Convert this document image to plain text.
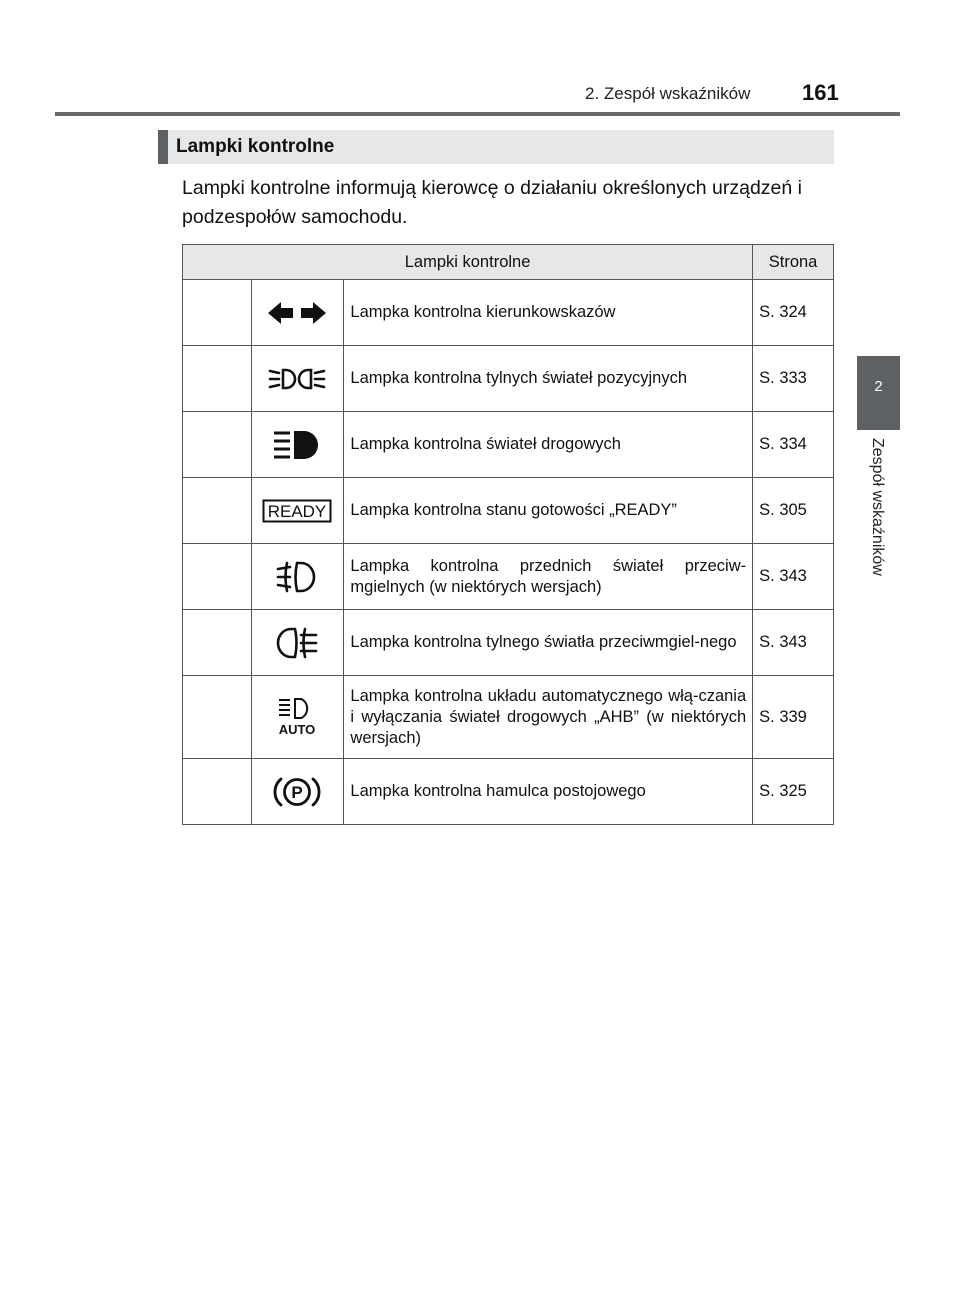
2. Zespół wskaźników 161
2
Zespół wskaźników
Lampki kontrolne
Lampki kontrolne informują kierowcę o działaniu określonych urządzeń i podzespołów samochodu.
Lampki kontrolne			Strona

	Lampka kontrolna kierunkowskazów	S. 324

	Lampka kontrolna tylnych świateł pozycyjnych	S. 333

	Lampka kontrolna świateł drogowych	S. 334

READY	Lampka kontrolna stanu gotowości „READY”	S. 305

	Lampka kontrolna przednich świateł przeciw-mgielnych (w niektórych wersjach)	S. 343

	Lampka kontrolna tylnego światła przeciwmgiel-nego	S. 343

AUTO	Lampka kontrolna układu automatycznego włą-czania i wyłączania świateł drogowych „AHB” (w niektórych wersjach)	S. 339

P	Lampka kontrolna hamulca postojowego	S. 325
